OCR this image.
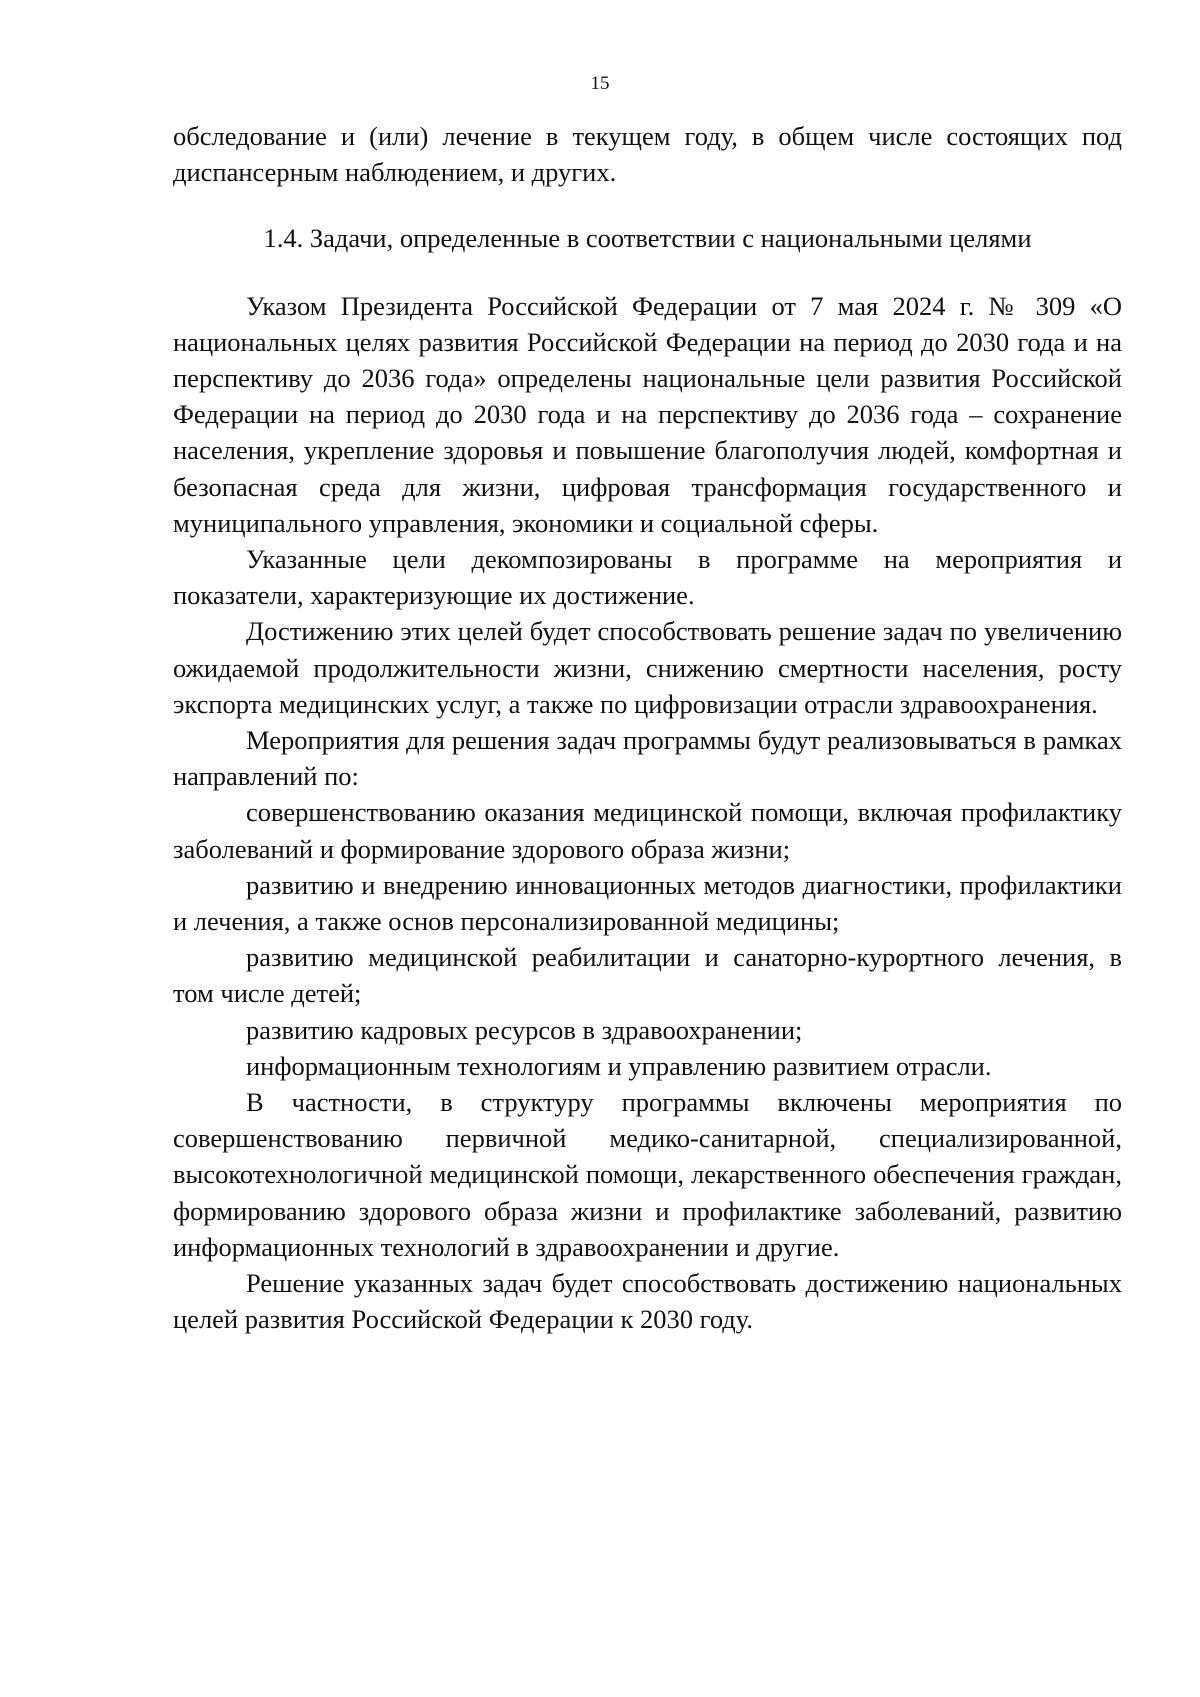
15

обследование и (или) лечение в текущем году, в общем числе состоящих под диспансерным наблюдением, и других.

1.4. Задачи, определенные в соответствии с национальными целями

Указом Президента Российской Федерации от 7 мая 2024 г. № 309 «О национальных целях развития Российской Федерации на период до 2030 года и на перспективу до 2036 года» определены национальные цели развития Российской Федерации на период до 2030 года и на перспективу до 2036 года – сохранение населения, укрепление здоровья и повышение благополучия людей, комфортная и безопасная среда для жизни, цифровая трансформация государственного и муниципального управления, экономики и социальной сферы.

Указанные цели декомпозированы в программе на мероприятия и показатели, характеризующие их достижение.

Достижению этих целей будет способствовать решение задач по увеличению ожидаемой продолжительности жизни, снижению смертности населения, росту экспорта медицинских услуг, а также по цифровизации отрасли здравоохранения.

Мероприятия для решения задач программы будут реализовываться в рамках направлений по:

совершенствованию оказания медицинской помощи, включая профилактику заболеваний и формирование здорового образа жизни;

развитию и внедрению инновационных методов диагностики, профилактики и лечения, а также основ персонализированной медицины;

развитию медицинской реабилитации и санаторно-курортного лечения, в том числе детей;

развитию кадровых ресурсов в здравоохранении;

информационным технологиям и управлению развитием отрасли.

В частности, в структуру программы включены мероприятия по совершенствованию первичной медико-санитарной, специализированной, высокотехнологичной медицинской помощи, лекарственного обеспечения граждан, формированию здорового образа жизни и профилактике заболеваний, развитию информационных технологий в здравоохранении и другие.

Решение указанных задач будет способствовать достижению национальных целей развития Российской Федерации к 2030 году.
